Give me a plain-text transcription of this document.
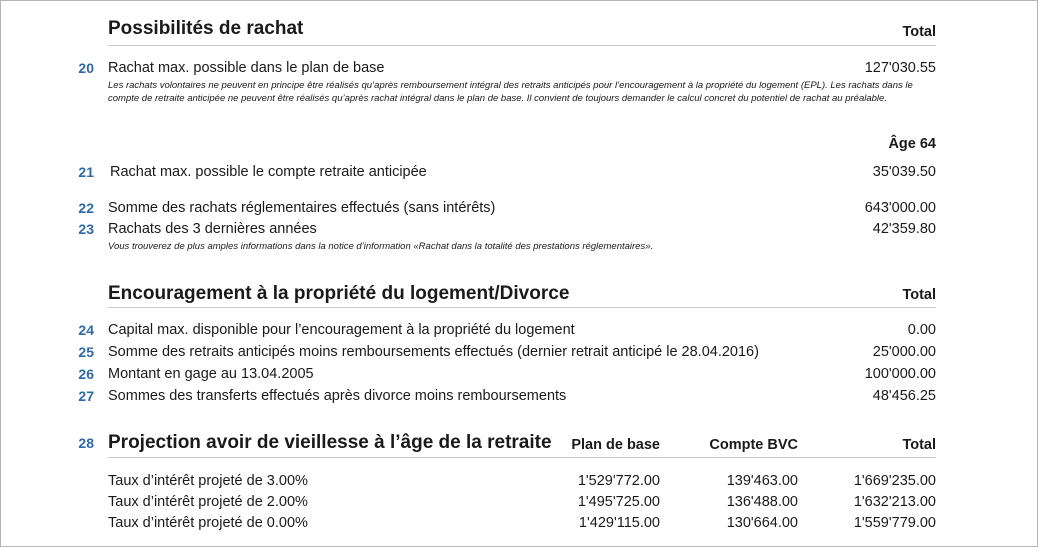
Possibilités de rachat	Total
20 Rachat max. possible dans le plan de base	127'030.55
Les rachats volontaires ne peuvent en principe être réalisés qu’après remboursement intégral des retraits anticipés pour l’encouragement à la propriété du logement (EPL). Les rachats dans le compte de retraite anticipée ne peuvent être réalisés qu’après rachat intégral dans le plan de base. Il convient de toujours demander le calcul concret du potentiel de rachat au préalable.
Âge 64
21 Rachat max. possible le compte retraite anticipée	35'039.50
22 Somme des rachats réglementaires effectués (sans intérêts)	643'000.00
23 Rachats des 3 dernières années	42'359.80
Vous trouverez de plus amples informations dans la notice d’information «Rachat dans la totalité des prestations réglementaires».
Encouragement à la propriété du logement/Divorce	Total
24 Capital max. disponible pour l’encouragement à la propriété du logement	0.00
25 Somme des retraits anticipés moins remboursements effectués (dernier retrait anticipé le 28.04.2016)	25'000.00
26 Montant en gage au 13.04.2005	100'000.00
27 Sommes des transferts effectués après divorce moins remboursements	48'456.25
28 Projection avoir de vieillesse à l’âge de la retraite Plan de base	Compte BVC	Total
Taux d’intérêt projeté de 3.00%	1'529'772.00	139'463.00	1'669'235.00
Taux d’intérêt projeté de 2.00%	1'495'725.00	136'488.00	1'632'213.00
Taux d’intérêt projeté de 0.00%	1'429'115.00	130'664.00	1'559'779.00
